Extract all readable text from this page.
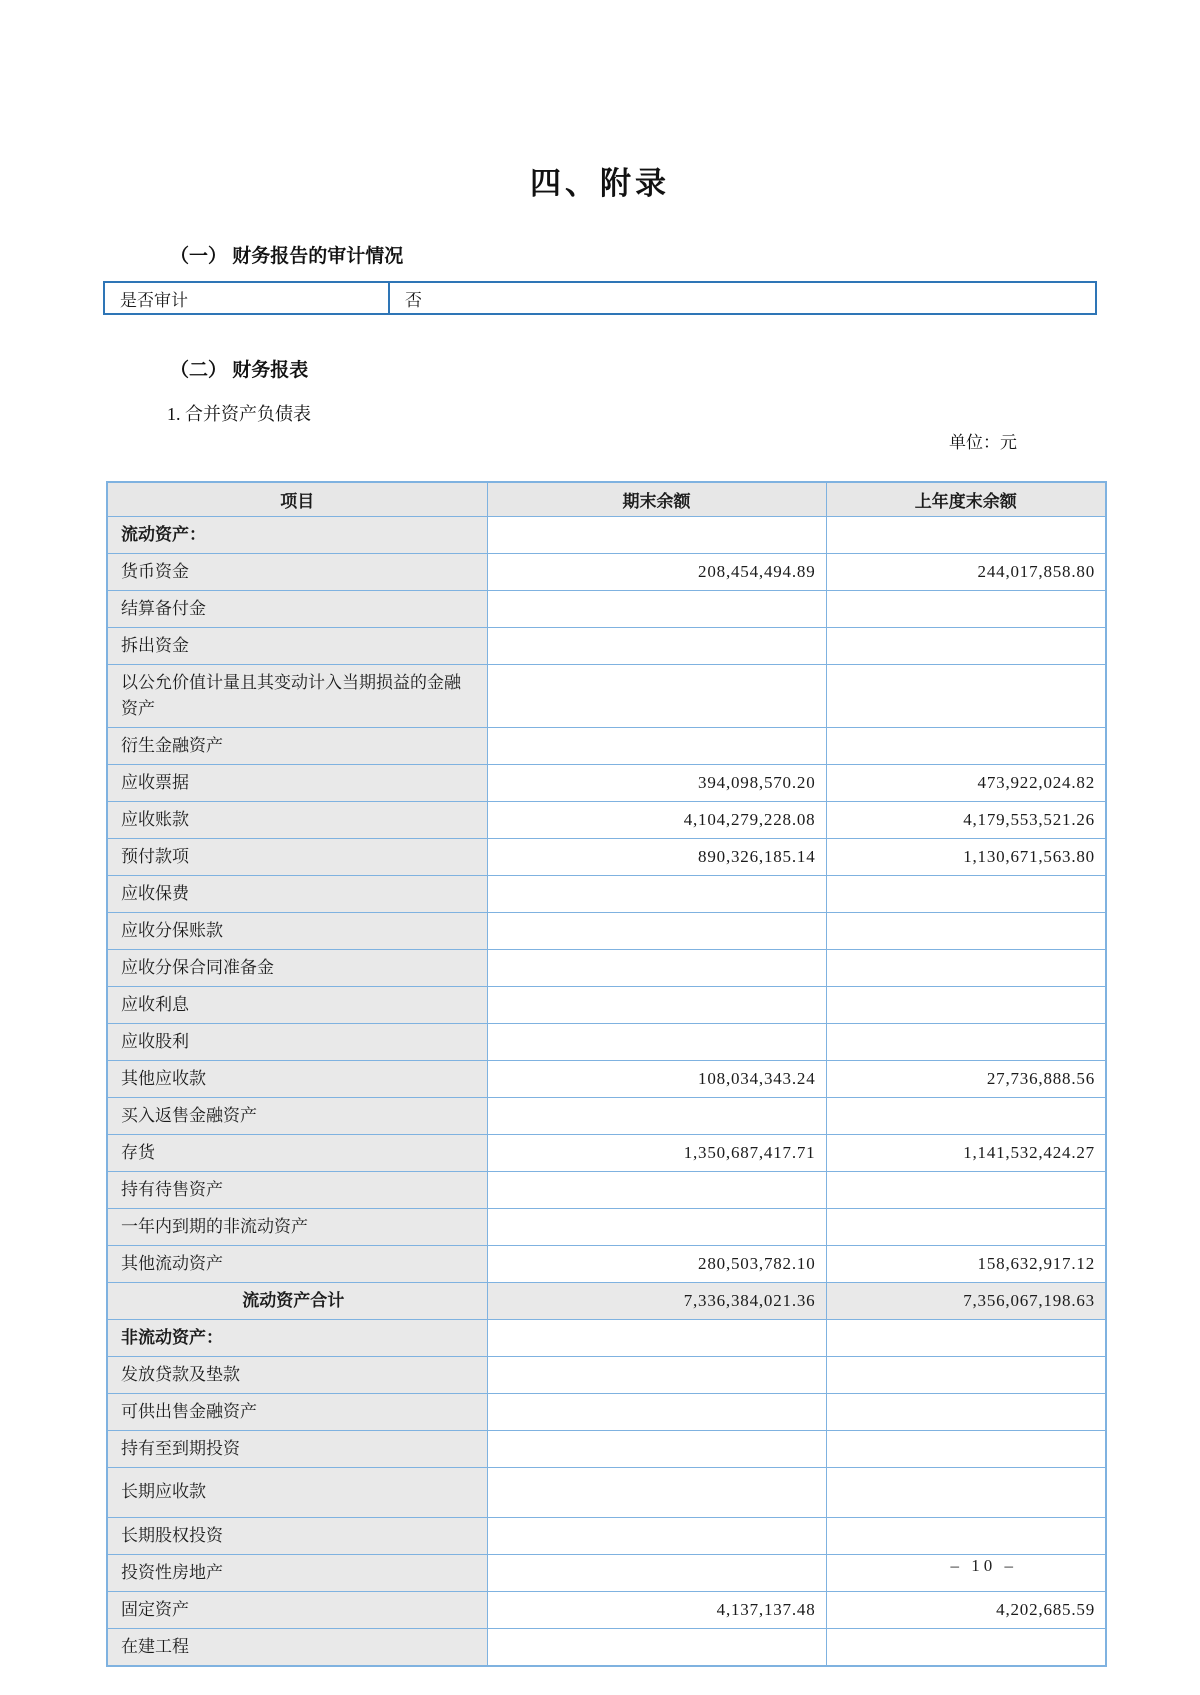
四、附录
（一） 财务报告的审计情况
是否审计	否
（二） 财务报表
1. 合并资产负债表
单位：元
项目	期末余额	上年度末余额
流动资产：		
货币资金	208,454,494.89	244,017,858.80
结算备付金		
拆出资金		
以公允价值计量且其变动计入当期损益的金融资产		
衍生金融资产		
应收票据	394,098,570.20	473,922,024.82
应收账款	4,104,279,228.08	4,179,553,521.26
预付款项	890,326,185.14	1,130,671,563.80
应收保费		
应收分保账款		
应收分保合同准备金		
应收利息		
应收股利		
其他应收款	108,034,343.24	27,736,888.56
买入返售金融资产		
存货	1,350,687,417.71	1,141,532,424.27
持有待售资产		
一年内到期的非流动资产		
其他流动资产	280,503,782.10	158,632,917.12
流动资产合计	7,336,384,021.36	7,356,067,198.63
非流动资产：		
发放贷款及垫款		
可供出售金融资产		
持有至到期投资		
长期应收款		
长期股权投资		
投资性房地产		
固定资产	4,137,137.48	4,202,685.59
在建工程		
– 10 –
